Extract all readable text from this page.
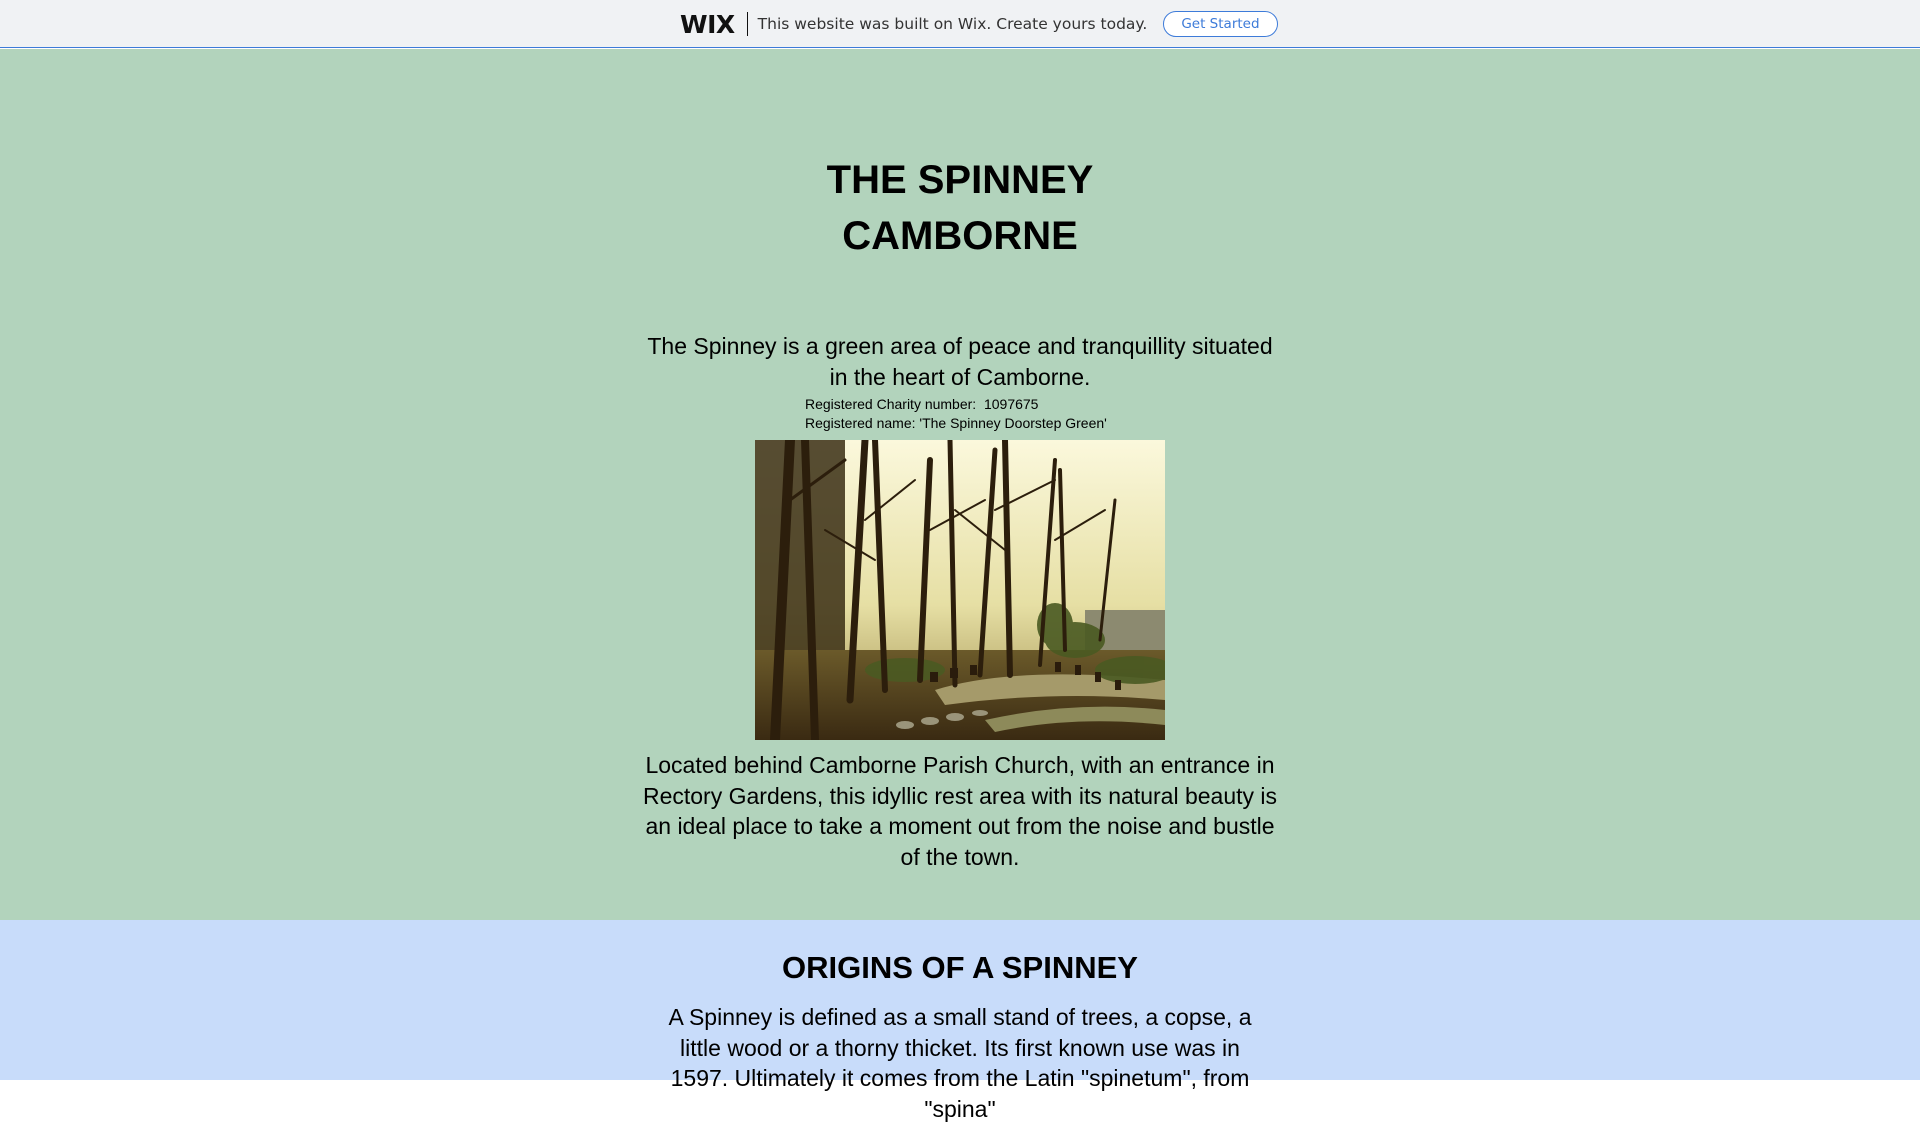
WIX This website was built on Wix. Create yours today.	Get Started
THE SPINNEY
CAMBORNE

The Spinney is a green area of peace and tranquillity situated in the heart of Camborne.

Registered Charity number:  1097675
Registered name: 'The Spinney Doorstep Green'

Located behind Camborne Parish Church, with an entrance in Rectory Gardens, this idyllic rest area with its natural beauty is an ideal place to take a moment out from the noise and bustle of the town.

ORIGINS OF A SPINNEY

A Spinney is defined as a small stand of trees, a copse, a little wood or a thorny thicket. Its first known use was in 1597. Ultimately it comes from the Latin "spinetum", from "spina"
